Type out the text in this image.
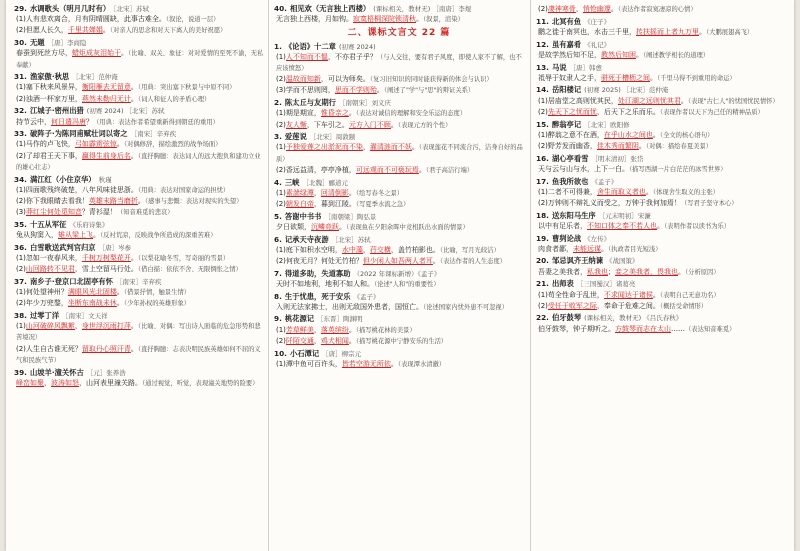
29. 水调歌头（明月几时有） ［北宋］苏轼
(1)人有悲欢离合，月有阴晴圆缺，此事古难全。（叙论，说道一层）
(2)但愿人长久，千里共婵娟。（对亲人的思念和对天下离人的美好祝愿）
30. 无题 ［唐］李商隐
春蚕到死丝方尽，蜡炬成灰泪始干。（比喻、双关、象征：对对爱情的至死不渝，无私奉献）
31. 渔家傲·秋思 ［北宋］范仲淹
(1)塞下秋来风景异，衡阳雁去无留意。（用典：突出塞下秋景与中原不同）
(2)浊酒一杯家万里，燕然未勒归无计。（词人和征人的矛盾心理）
32. 江城子·密州出猎 (初赛 2024) ［北宋］苏轼
持节云中，何日遣冯唐？（用典：表达作者希望重新得到朝廷的重用）
33. 破阵子·为陈同甫赋壮词以寄之 ［南宋］辛弃疾
(1)马作的卢飞快，弓如霹雳弦惊。（对偶修辞，描绘激烈的战争场面）
(2)了却君王天下事，赢得生前身后名。（直抒胸臆：表达词人的远大抱负和建功立业的雄心壮志）
34. 满江红（小住京华） 秋瑾
(1)四面歌残终破楚，八年风味徒思浙。（用典：表达对国家命运的担忧）
(2)你下我眼睛去看我！英雄末路当磨折。（感事与悲慨：表达对现实的失望）
(3)莽红尘何处觅知音？青衫湿！（知音难觅的悲哀）
35. 十五从军征 《乐府诗集》
兔从狗窦入，雉从梁上飞。（反衬荒凉，反映战争所造成的深重苦难）
36. 白雪歌送武判官归京 ［唐］岑参
(1)忽如一夜春风来，千树万树梨花开。（以梨花喻冬雪，写奇丽的雪景）
(2)山回路转不见君，雪上空留马行处。（借白描：依依不舍、无限惆怅之情）
37. 南乡子·登京口北固亭有怀 ［南宋］辛弃疾
(1)何处望神州？满眼风光北固楼。（借景抒情，触景生情）
(2)年少万兜鍪，坐断东南战未休。（少年孙权的英雄形象）
38. 过零丁洋 ［南宋］文天祥
(1)山河破碎风飘絮，身世浮沉雨打萍。（比喻、对偶：写出诗人面临的危急形势和悲苦境况）
(2)人生自古谁无死？留取丹心照汗青。（直抒胸臆：志表决明民族英雄如何不屈的义气和民族气节）
39. 山坡羊·潼关怀古 ［元］张养浩
峰峦如聚，波涛如怒，山河表里潼关路。（通过视觉，听觉，表现潼关地势的险要）
40. 相见欢（无言独上西楼） (课标相关，教材无) ［南唐］李煜
无言独上西楼，月如钩。寂寞梧桐深院锁清秋。（叙景，渲染）
二、课标文言文 22 篇
1. 《论语》十二章 (初赛 2024)
(1)人不知而不愠，不亦君子乎？（与人交往，要有君子风度，即使人家不了解，也不应该愤怒）
(2)温故而知新，可以为师矣。（复习旧知识的同时能获得新的体会与认识）
(3)学而不思则罔，思而不学则殆。（阐述了"学"与"思"的辩证关系）
2. 陈太丘与友期行 ［南朝宋］刘义庆
(1)期是期宣，惟昏亲之。（表达对诚信的理解和安全乐运的态度）
(2)友人惭，下车引之。元方入门不顾。（表现元方的个性）
3. 爱莲说 ［北宋］周敦颐
(1)予独爱莲之出淤泥而不染，濯清涟而不妖。（表现莲花不同流合污，洁身自好的品质）
(2)香远益清，亭亭净植，可远观而不可亵玩焉。（君子高洁行端）
4. 三峡 ［北魏］郦道元
(1)素湍绿潭，回清倒影。（绘写春冬之景）
(2)朝发白帝，暮到江陵。（写夏季水流之急）
5. 答谢中书书 ［南朝梁］陶弘景
夕日欲颓，沉鳞竞跃。（表现鱼在夕阳余晖中竞相跃出水面的情景）
6. 记承天寺夜游 ［北宋］苏轼
(1)庭下如积水空明，水中藻，荇交横，盖竹柏影也。（比喻，写月光皎洁）
(2)何夜无月？何处无竹柏？但少闲人如吾两人者耳。（表达作者的人生态度）
7. 得道多助，失道寡助 （2022 年课标新增）《孟子》
天时不如地利，地利不如人和。（论述"人和"的重要性）
8. 生于忧患，死于安乐 《孟子》
入则无法家拂士，出则无敌国外患者，国恒亡。（论述国家内忧外患不可忽视）
9. 桃花源记 ［东晋］陶渊明
(1)芳草鲜美，落英缤纷。（描写桃花林的美景）
(2)阡陌交通，鸡犬相闻。（描写桃花源中宁静安乐的生活）
10. 小石潭记 ［唐］柳宗元
(1)潭中鱼可百许头，皆若空游无所依。（表现潭水清澈）
(2)凄神寒骨，悄怆幽邃。（表达作者寂寞凄凉的心情）
11. 北冥有鱼 《庄子》
鹏之徙于南冥也，水击三千里，抟扶摇而上者九万里。（大鹏展翅高飞）
12. 虽有嘉肴 《礼记》
是故学然后知不足，教然后知困。（阐述教学相长的道理）
13. 马说 ［唐］韩愈
祗辱于奴隶人之手，骈死于槽枥之间。（千里马得不到重用的命运）
14. 岳阳楼记 (初赛 2025) ［北宋］范仲淹
(1)居庙堂之高则忧其民，处江湖之远则忧其君。（表现"古仁人"的忧国忧民情怀）
(2)先天下之忧而忧，后天下之乐而乐。（表现作者以天下为己任的精神品质）
15. 醉翁亭记 ［北宋］欧阳修
(1)醉翁之意不在酒，在乎山水之间也。（全文的核心语句）
(2)野芳发而幽香，佳木秀而繁阴。（对偶：描绘春夏美景）
16. 湖心亭看雪 ［明末清初］张岱
天与云与山与水，上下一白。（描写西湖一片白茫茫的冰雪世界）
17. 鱼我所欲也 《孟子》
(1)二者不可得兼，舍生而取义者也。（体现舍生取义的主张）
(2)万钟则不辩礼义而受之，万钟于我何加焉！（写君子坚守本心）
18. 送东阳马生序 ［元末明初］宋濂
以中有足乐者，不知口体之奉不若人也。（表明作者以读书为乐）
19. 曹刿论战 《左传》
肉食者鄙，未能远谋。（执政者目光短浅）
20. 邹忌讽齐王纳谏 《战国策》
吾妻之美我者，私我也；妾之美我者，畏我也。（分析原因）
21. 出师表 ［三国蜀汉］诸葛亮
(1)苟全性命于乱世，不求闻达于诸侯。（表明自己无意功名）
(2)受任于败军之际，奉命于危难之间。（概括受命情形）
22. 伯牙鼓琴 (课标相关，教材无) 《吕氏春秋》
伯牙鼓琴，钟子期听之。方鼓琴而志在太山……（表达知音难觅）
